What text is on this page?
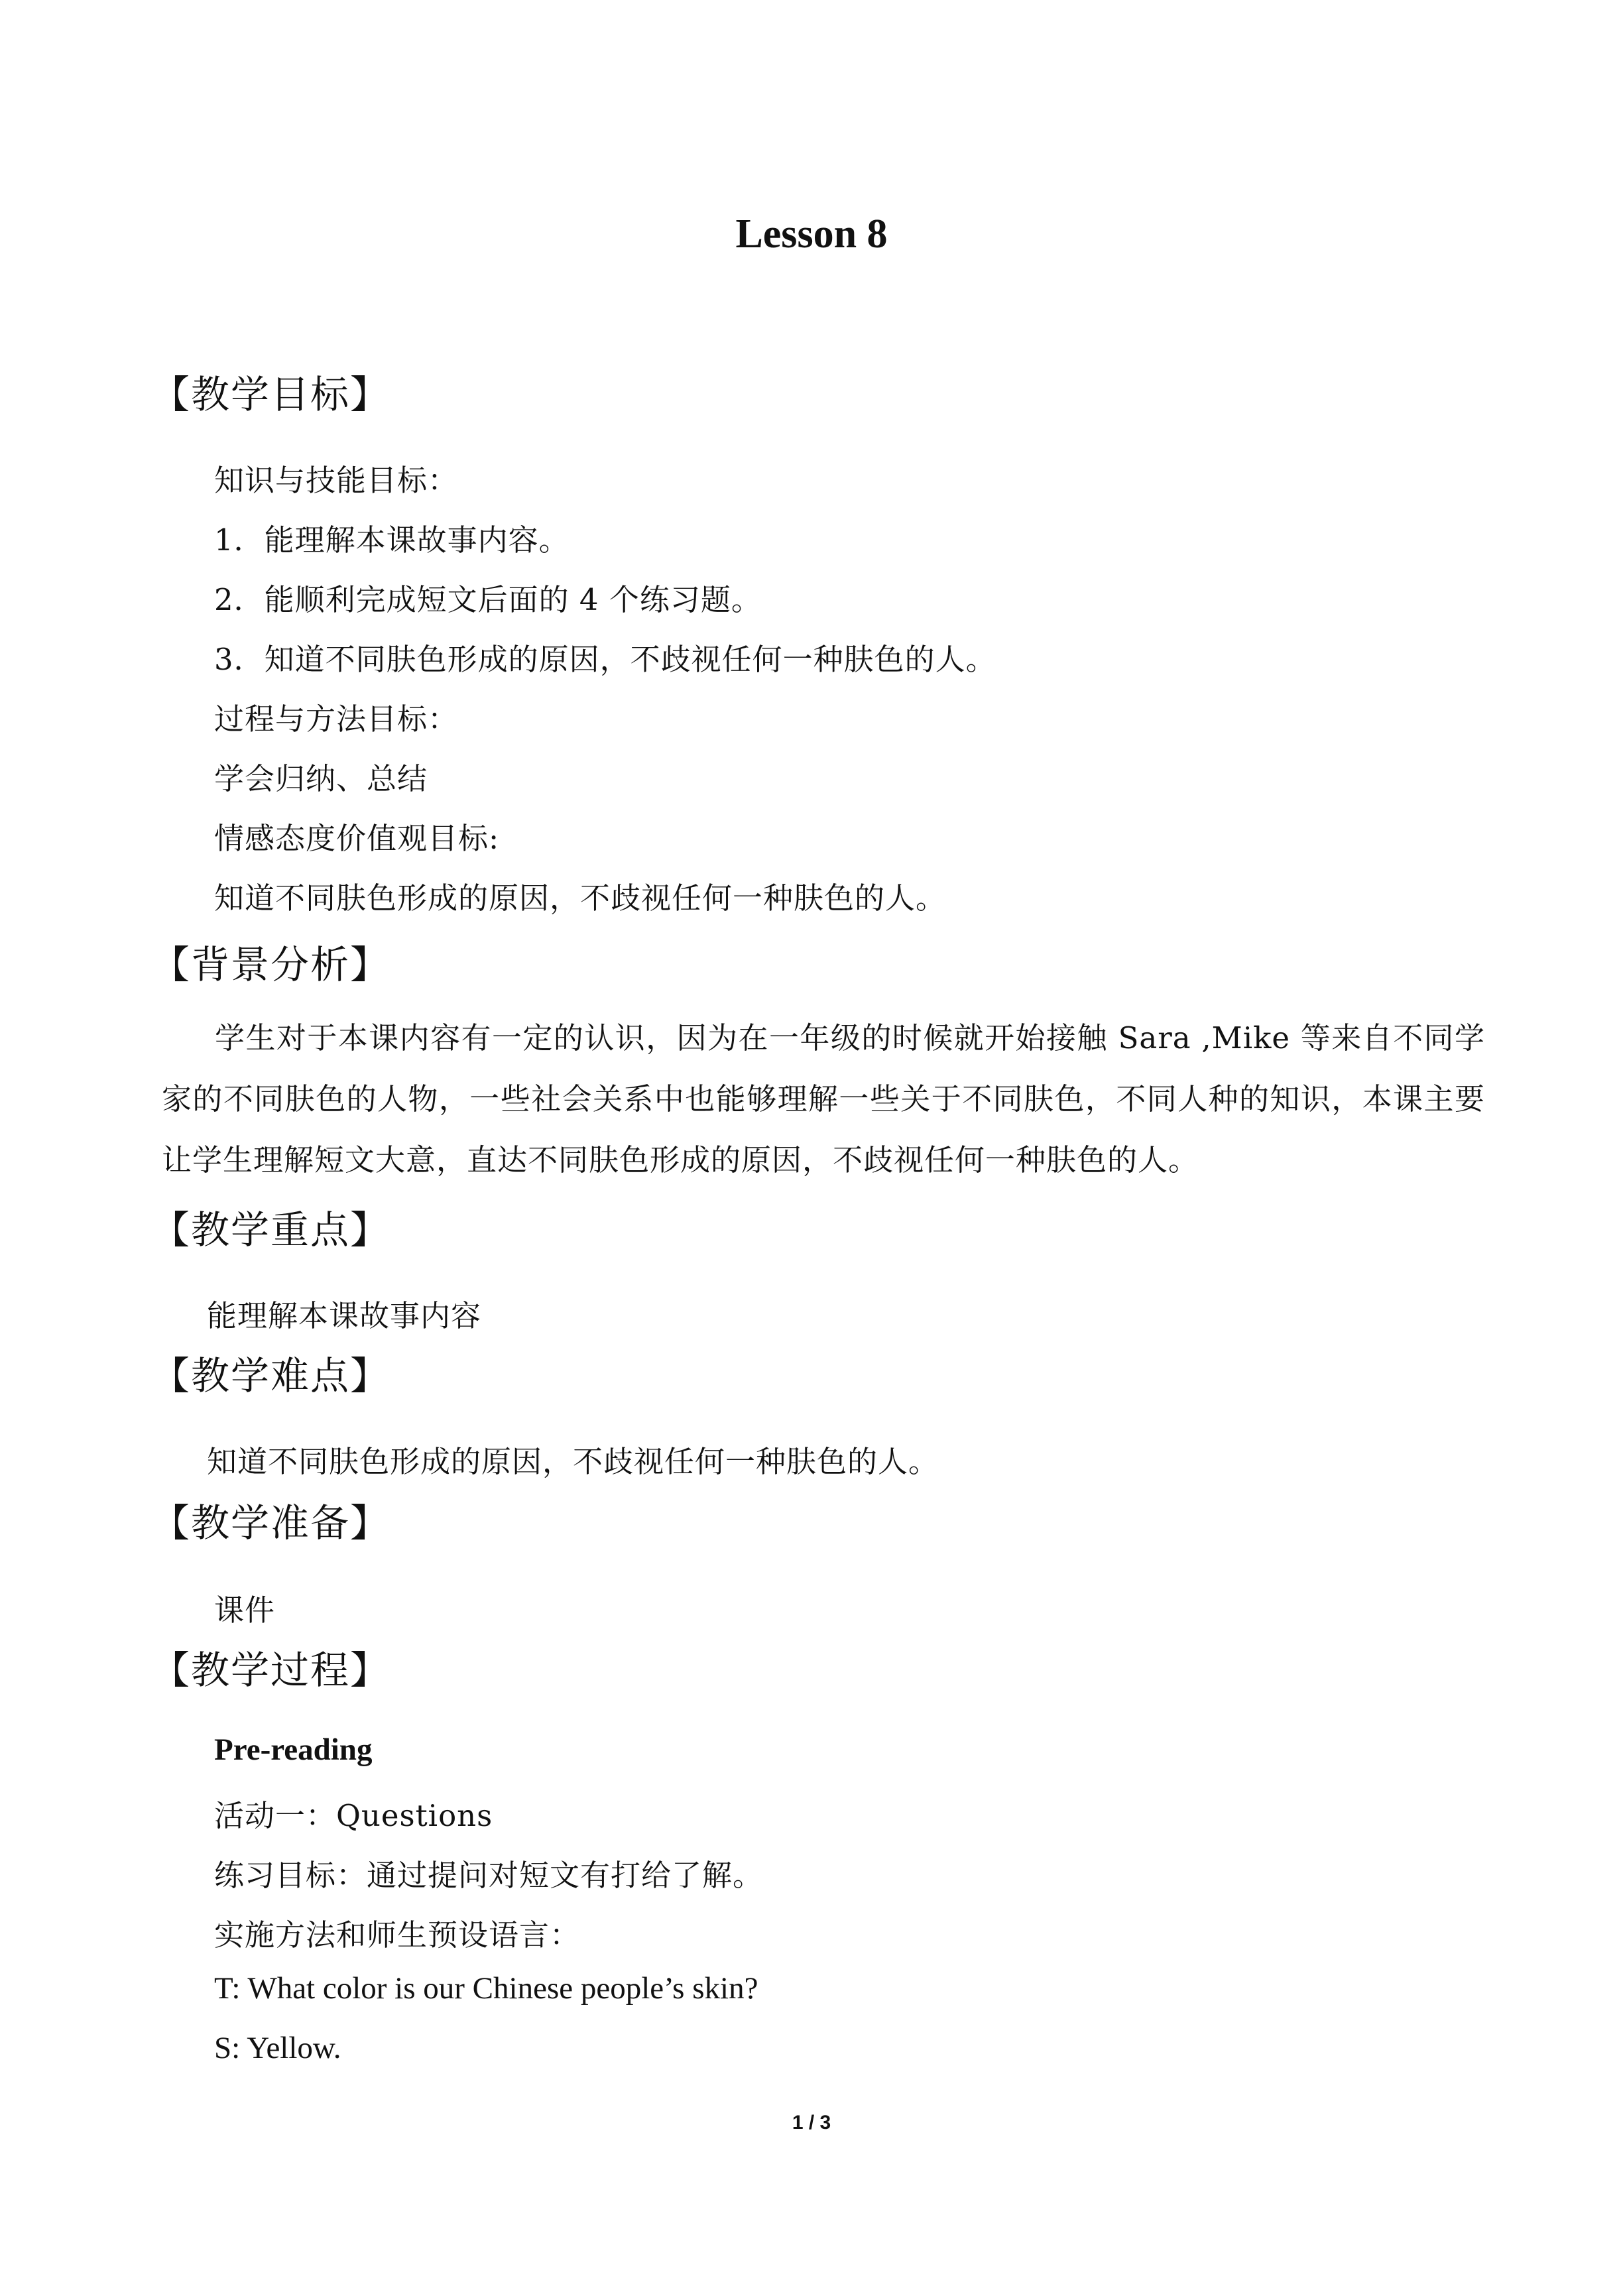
Lesson 8
【教学目标】
知识与技能目标：
1．能理解本课故事内容。
2．能顺利完成短文后面的 4 个练习题。
3．知道不同肤色形成的原因，不歧视任何一种肤色的人。
过程与方法目标：
学会归纳、总结
情感态度价值观目标:
知道不同肤色形成的原因，不歧视任何一种肤色的人。
【背景分析】
学生对于本课内容有一定的认识，因为在一年级的时候就开始接触 Sara ,Mike 等来自不同学家的不同肤色的人物，一些社会关系中也能够理解一些关于不同肤色，不同人种的知识，本课主要让学生理解短文大意，直达不同肤色形成的原因，不歧视任何一种肤色的人。
【教学重点】
能理解本课故事内容
【教学难点】
知道不同肤色形成的原因，不歧视任何一种肤色的人。
【教学准备】
课件
【教学过程】
Pre-reading
活动一：Questions
练习目标：通过提问对短文有打给了解。
实施方法和师生预设语言：
T: What color is our Chinese people’s skin?
S: Yellow.
1 / 3
